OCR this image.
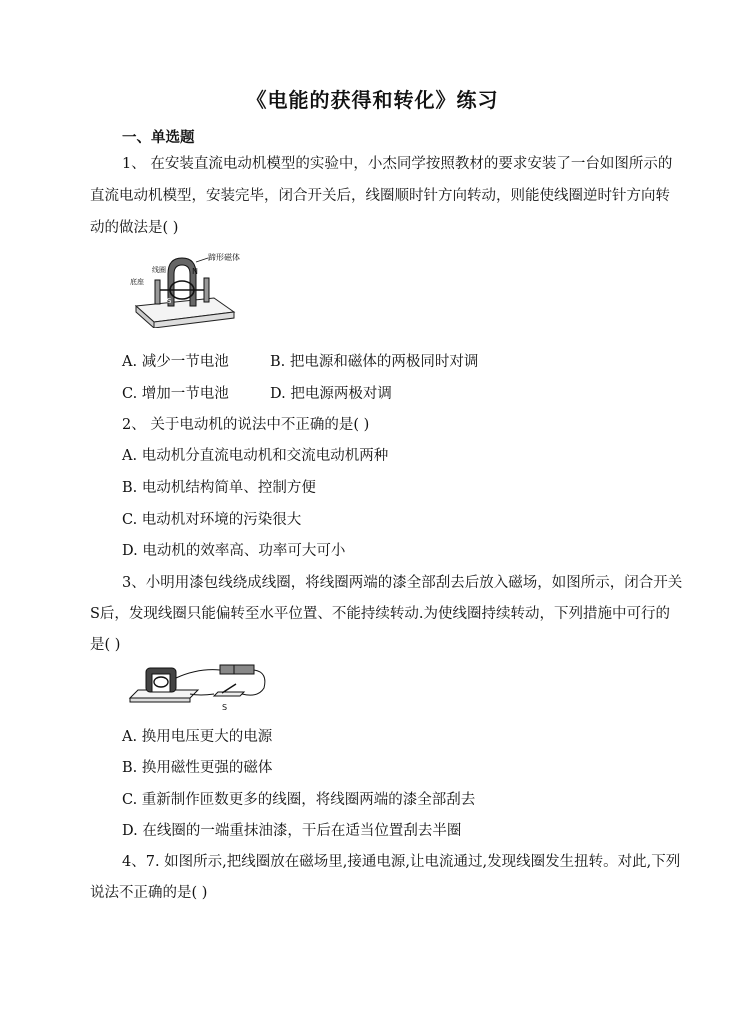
《电能的获得和转化》练习
一、单选题
1、 在安装直流电动机模型的实验中，小杰同学按照教材的要求安装了一台如图所示的
直流电动机模型，安装完毕，闭合开关后，线圈顺时针方向转动，则能使线圈逆时针方向转
动的做法是( )
蹄形磁体
线圈
底座
N
S
A. 减少一节电池	B. 把电源和磁体的两极同时对调
C. 增加一节电池	D. 把电源两极对调
2、 关于电动机的说法中不正确的是( )
A. 电动机分直流电动机和交流电动机两种
B. 电动机结构简单、控制方便
C. 电动机对环境的污染很大
D. 电动机的效率高、功率可大可小
3、小明用漆包线绕成线圈，将线圈两端的漆全部刮去后放入磁场，如图所示，闭合开关
S后，发现线圈只能偏转至水平位置、不能持续转动.为使线圈持续转动，下列措施中可行的
是( )
S
A. 换用电压更大的电源
B. 换用磁性更强的磁体
C. 重新制作匝数更多的线圈，将线圈两端的漆全部刮去
D. 在线圈的一端重抹油漆，干后在适当位置刮去半圈
4、7. 如图所示,把线圈放在磁场里,接通电源,让电流通过,发现线圈发生扭转。对此,下列
说法不正确的是( )
